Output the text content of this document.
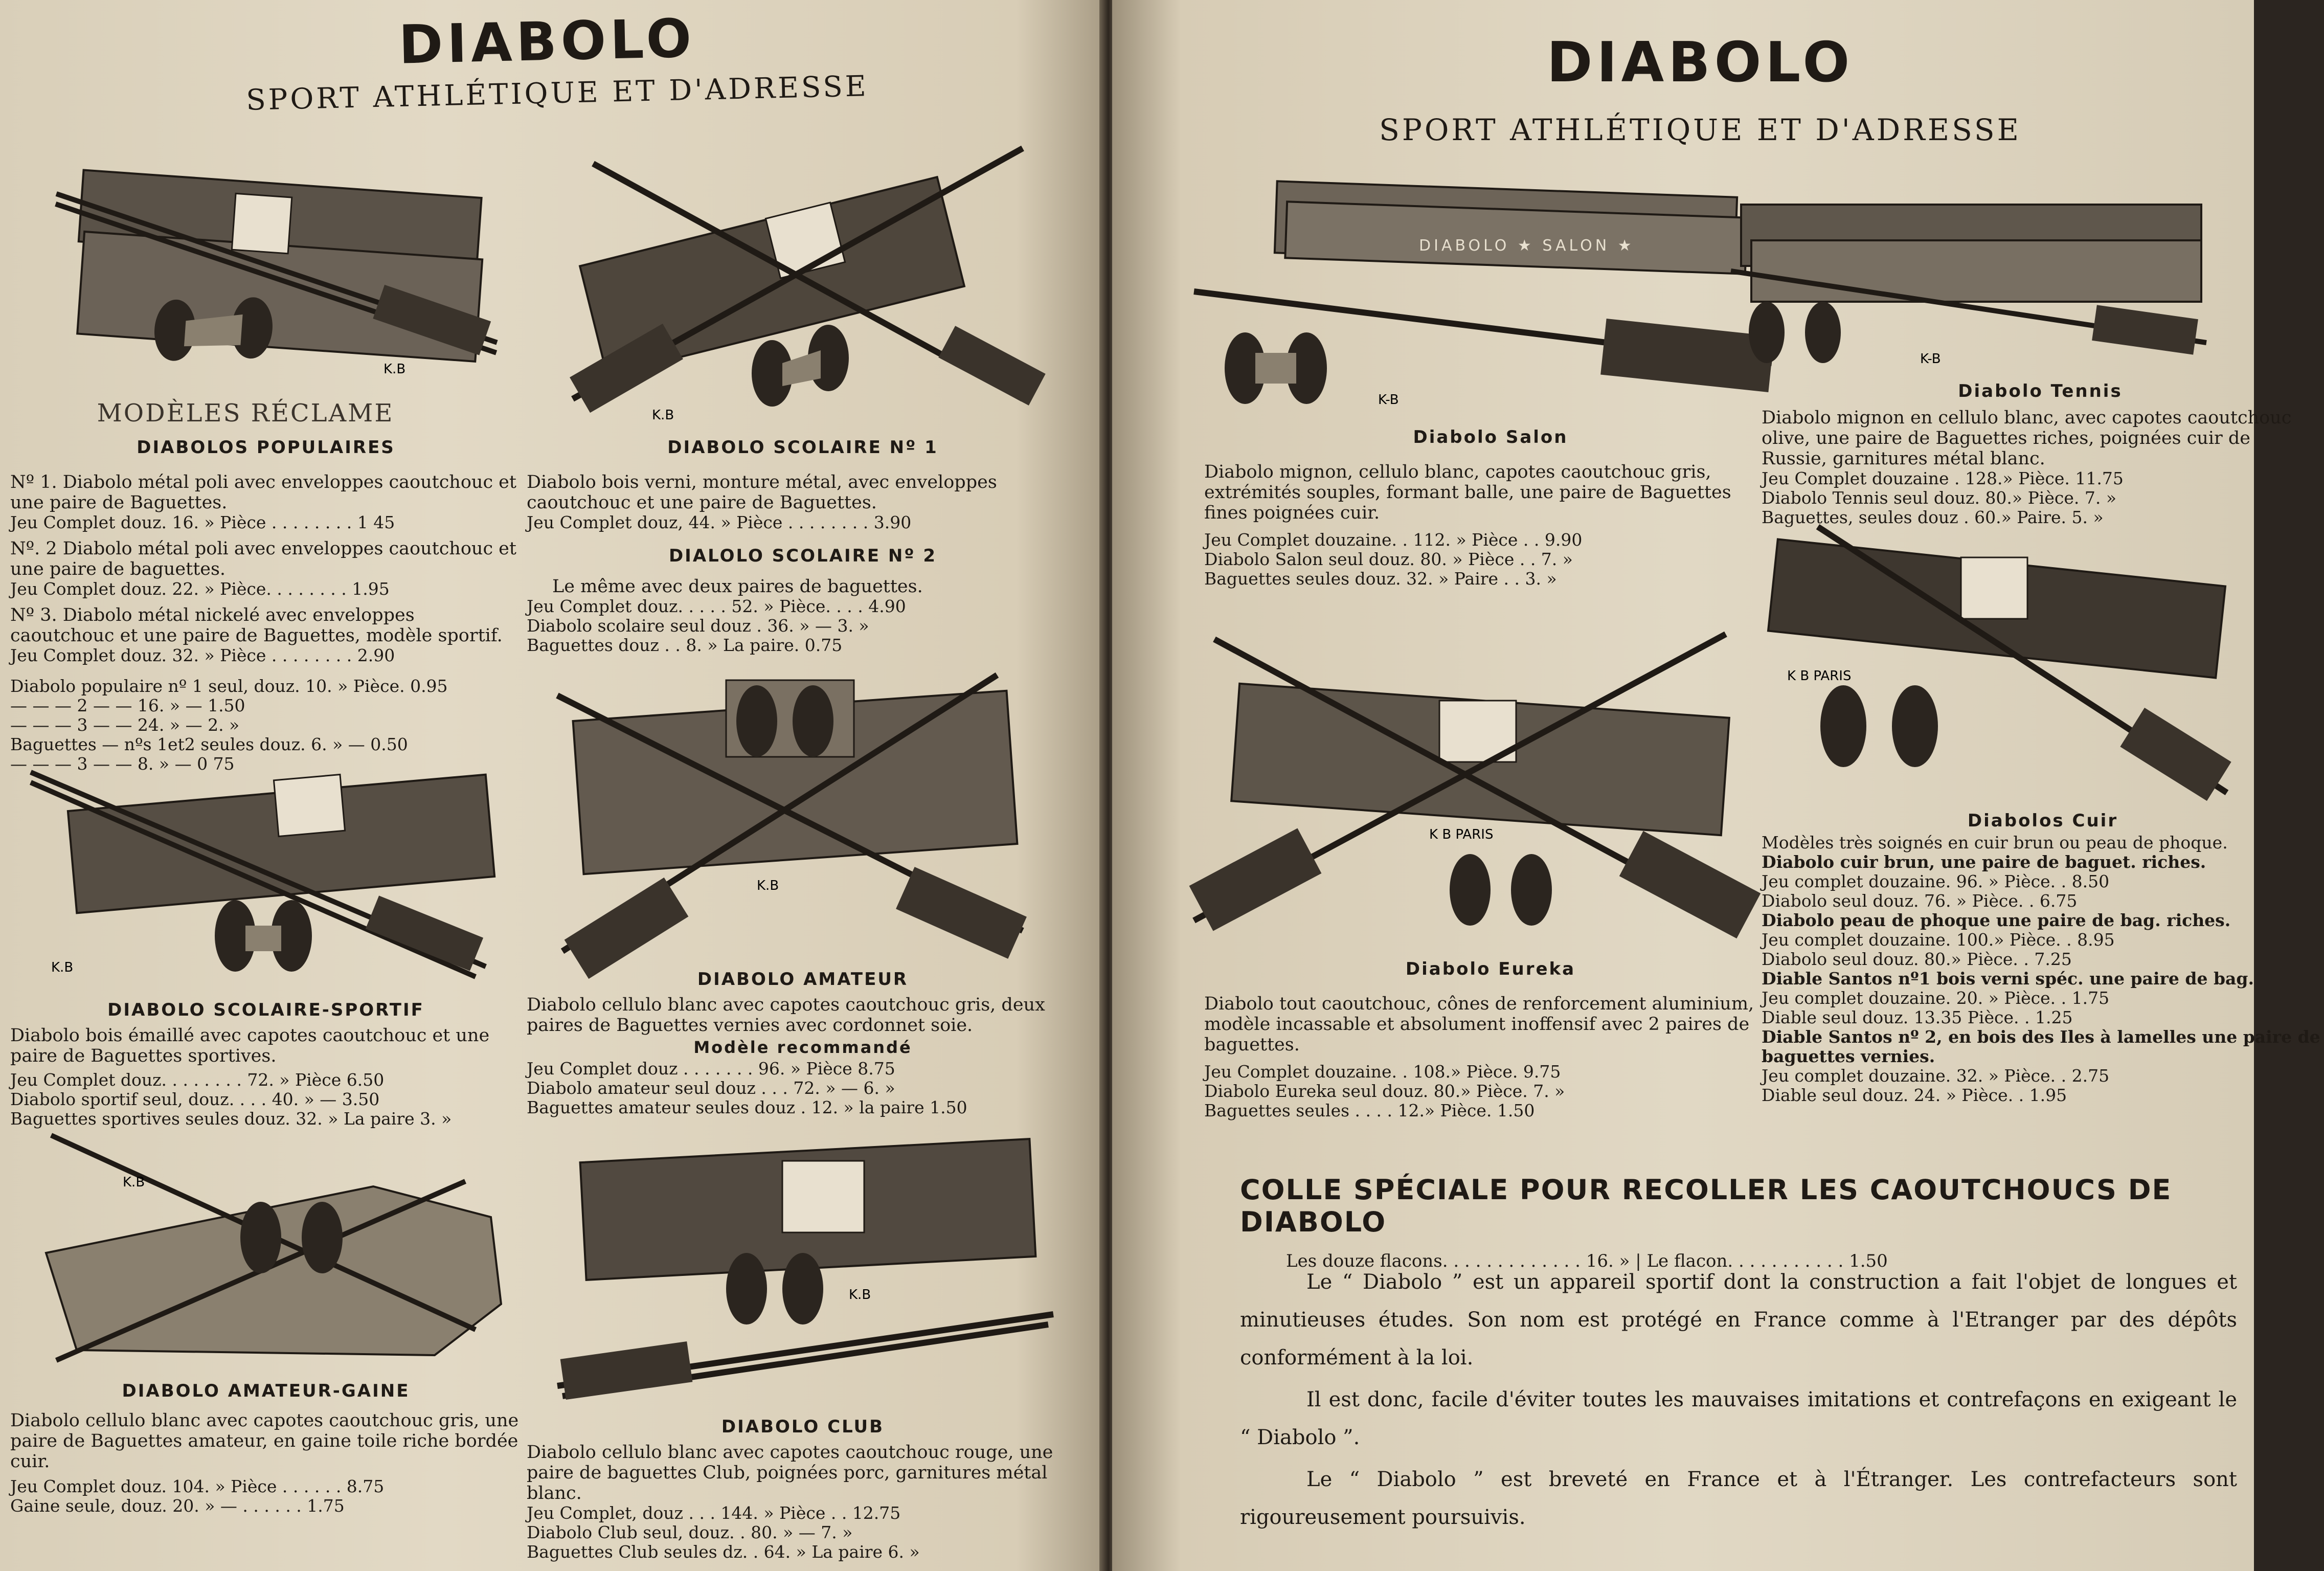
DIABOLO
SPORT ATHLÉTIQUE ET D'ADRESSE
K.B
MODÈLES RÉCLAME
DIABOLOS POPULAIRES
Nº 1. Diabolo métal poli avec enveloppes caoutchouc et une paire de Baguettes.
Jeu Complet douz. 16. » Pièce . . . . . . . . 1 45
Nº. 2 Diabolo métal poli avec enveloppes caoutchouc et une paire de baguettes.
Jeu Complet douz. 22. » Pièce. . . . . . . . 1.95
Nº 3. Diabolo métal nickelé avec enveloppes caoutchouc et une paire de Baguettes, modèle sportif.
Jeu Complet douz. 32. » Pièce . . . . . . . . 2.90
Diabolo populaire nº 1 seul, douz. 10. » Pièce. 0.95
— — — 2 — — 16. » — 1.50
— — — 3 — — 24. » — 2. »
Baguettes — nºs 1et2 seules douz. 6. » — 0.50
— — — 3 — — 8. » — 0 75
K.B
DIABOLO SCOLAIRE Nº 1
Diabolo bois verni, monture métal, avec enveloppes caoutchouc et une paire de Baguettes.
Jeu Complet douz, 44. » Pièce . . . . . . . . 3.90
DIALOLO SCOLAIRE Nº 2
Le même avec deux paires de baguettes.
Jeu Complet douz. . . . . 52. » Pièce. . . . 4.90
Diabolo scolaire seul douz . 36. » — 3. »
Baguettes douz . . 8. » La paire. 0.75
K.B
DIABOLO SCOLAIRE-SPORTIF
Diabolo bois émaillé avec capotes caoutchouc et une paire de Baguettes sportives.
Jeu Complet douz. . . . . . . . 72. » Pièce 6.50
Diabolo sportif seul, douz. . . . 40. » — 3.50
Baguettes sportives seules douz. 32. » La paire 3. »
K.B
DIABOLO AMATEUR
Diabolo cellulo blanc avec capotes caoutchouc gris, deux paires de Baguettes vernies avec cordonnet soie.
Modèle recommandé
Jeu Complet douz . . . . . . . 96. » Pièce 8.75
Diabolo amateur seul douz . . . 72. » — 6. »
Baguettes amateur seules douz . 12. » la paire 1.50
K.B
DIABOLO AMATEUR-GAINE
Diabolo cellulo blanc avec capotes caoutchouc gris, une paire de Baguettes amateur, en gaine toile riche bordée cuir.
Jeu Complet douz. 104. » Pièce . . . . . . 8.75
Gaine seule, douz. 20. » — . . . . . . 1.75
K.B
DIABOLO CLUB
Diabolo cellulo blanc avec capotes caoutchouc rouge, une paire de baguettes Club, poignées porc, garnitures métal blanc.
Jeu Complet, douz . . . 144. » Pièce . . 12.75
Diabolo Club seul, douz. . 80. » — 7. »
Baguettes Club seules dz. . 64. » La paire 6. »
DIABOLO
SPORT ATHLÉTIQUE ET D'ADRESSE
DIABOLO ★ SALON ★
K-B
Diabolo Salon
Diabolo mignon, cellulo blanc, capotes caoutchouc gris, extrémités souples, formant balle, une paire de Baguettes fines poignées cuir.
Jeu Complet douzaine. . 112. » Pièce . . 9.90
Diabolo Salon seul douz. 80. » Pièce . . 7. »
Baguettes seules douz. 32. » Paire . . 3. »
K-B
Diabolo Tennis
Diabolo mignon en cellulo blanc, avec capotes caoutchouc olive, une paire de Baguettes riches, poignées cuir de Russie, garnitures métal blanc.
Jeu Complet douzaine . 128.» Pièce. 11.75
Diabolo Tennis seul douz. 80.» Pièce. 7. »
Baguettes, seules douz . 60.» Paire. 5. »
K B PARIS
Diabolo Eureka
Diabolo tout caoutchouc, cônes de renforcement aluminium, modèle incassable et absolument inoffensif avec 2 paires de baguettes.
Jeu Complet douzaine. . 108.» Pièce. 9.75
Diabolo Eureka seul douz. 80.» Pièce. 7. »
Baguettes seules . . . . 12.» Pièce. 1.50
K B PARIS
Diabolos Cuir
Modèles très soignés en cuir brun ou peau de phoque.
Diabolo cuir brun, une paire de baguet. riches.
Jeu complet douzaine. 96. » Pièce. . 8.50
Diabolo seul douz. 76. » Pièce. . 6.75
Diabolo peau de phoque une paire de bag. riches.
Jeu complet douzaine. 100.» Pièce. . 8.95
Diabolo seul douz. 80.» Pièce. . 7.25
Diable Santos nº1 bois verni spéc. une paire de bag.
Jeu complet douzaine. 20. » Pièce. . 1.75
Diable seul douz. 13.35 Pièce. . 1.25
Diable Santos nº 2, en bois des Iles à lamelles une paire de baguettes vernies.
Jeu complet douzaine. 32. » Pièce. . 2.75
Diable seul douz. 24. » Pièce. . 1.95
COLLE SPÉCIALE POUR RECOLLER LES CAOUTCHOUCS DE DIABOLO
Les douze flacons. . . . . . . . . . . . . 16. » | Le flacon. . . . . . . . . . . 1.50
Le “ Diabolo ” est un appareil sportif dont la construction a fait l'objet de longues et minutieuses études. Son nom est protégé en France comme à l'Etranger par des dépôts conformément à la loi.
Il est donc, facile d'éviter toutes les mauvaises imitations et contrefaçons en exigeant le “ Diabolo ”.
Le “ Diabolo ” est breveté en France et à l'Étranger. Les contrefacteurs sont rigoureusement poursuivis.
